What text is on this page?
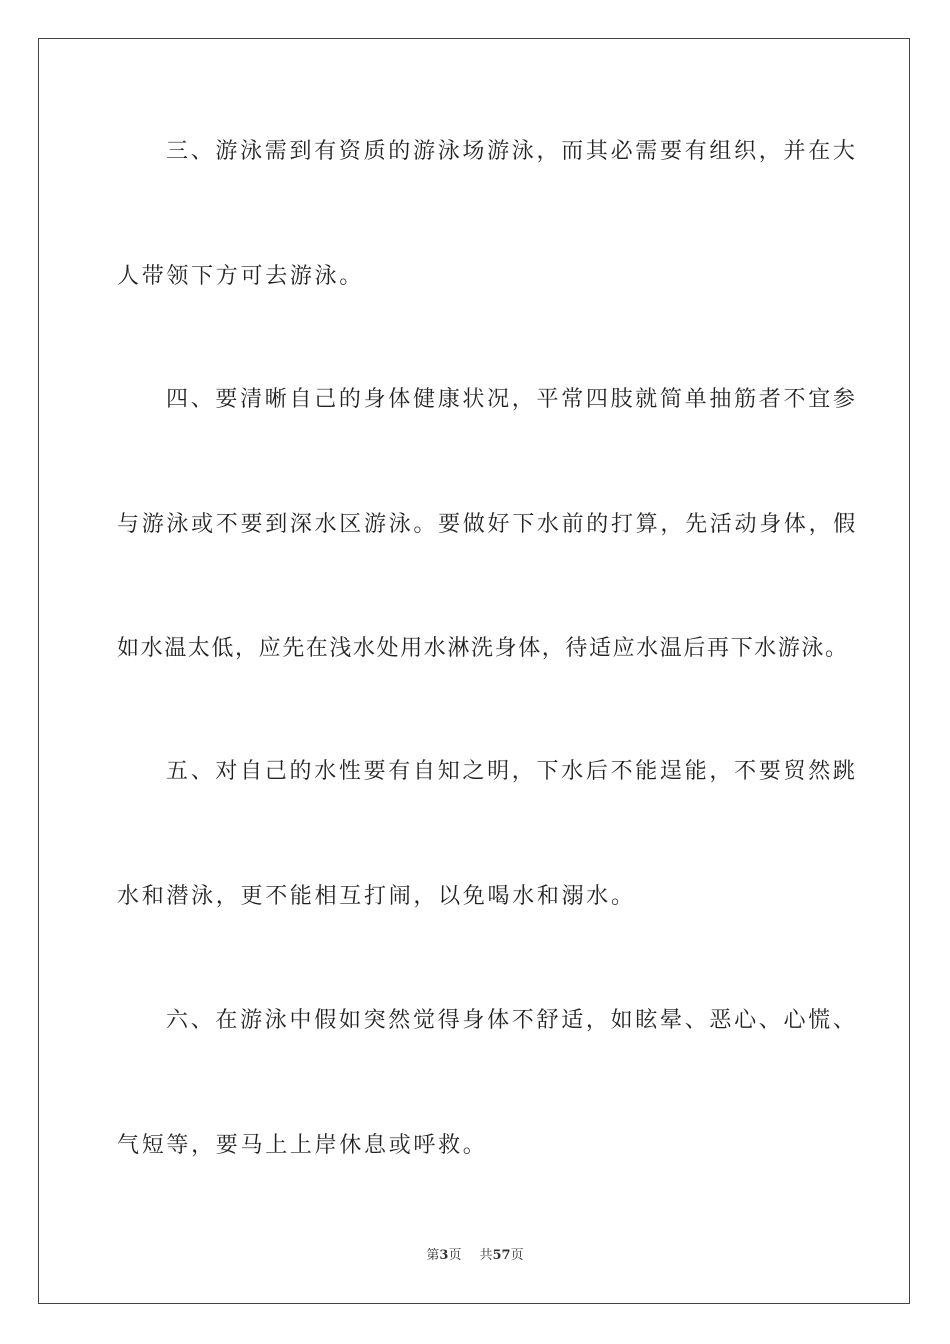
三、游泳需到有资质的游泳场游泳，而其必需要有组织，并在大
人带领下方可去游泳。
四、要清晰自己的身体健康状况，平常四肢就简单抽筋者不宜参
与游泳或不要到深水区游泳。要做好下水前的打算，先活动身体，假
如水温太低，应先在浅水处用水淋洗身体，待适应水温后再下水游泳。
五、对自己的水性要有自知之明，下水后不能逞能，不要贸然跳
水和潜泳，更不能相互打闹，以免喝水和溺水。
六、在游泳中假如突然觉得身体不舒适，如眩晕、恶心、心慌、
气短等，要马上上岸休息或呼救。
第3页 共57页
